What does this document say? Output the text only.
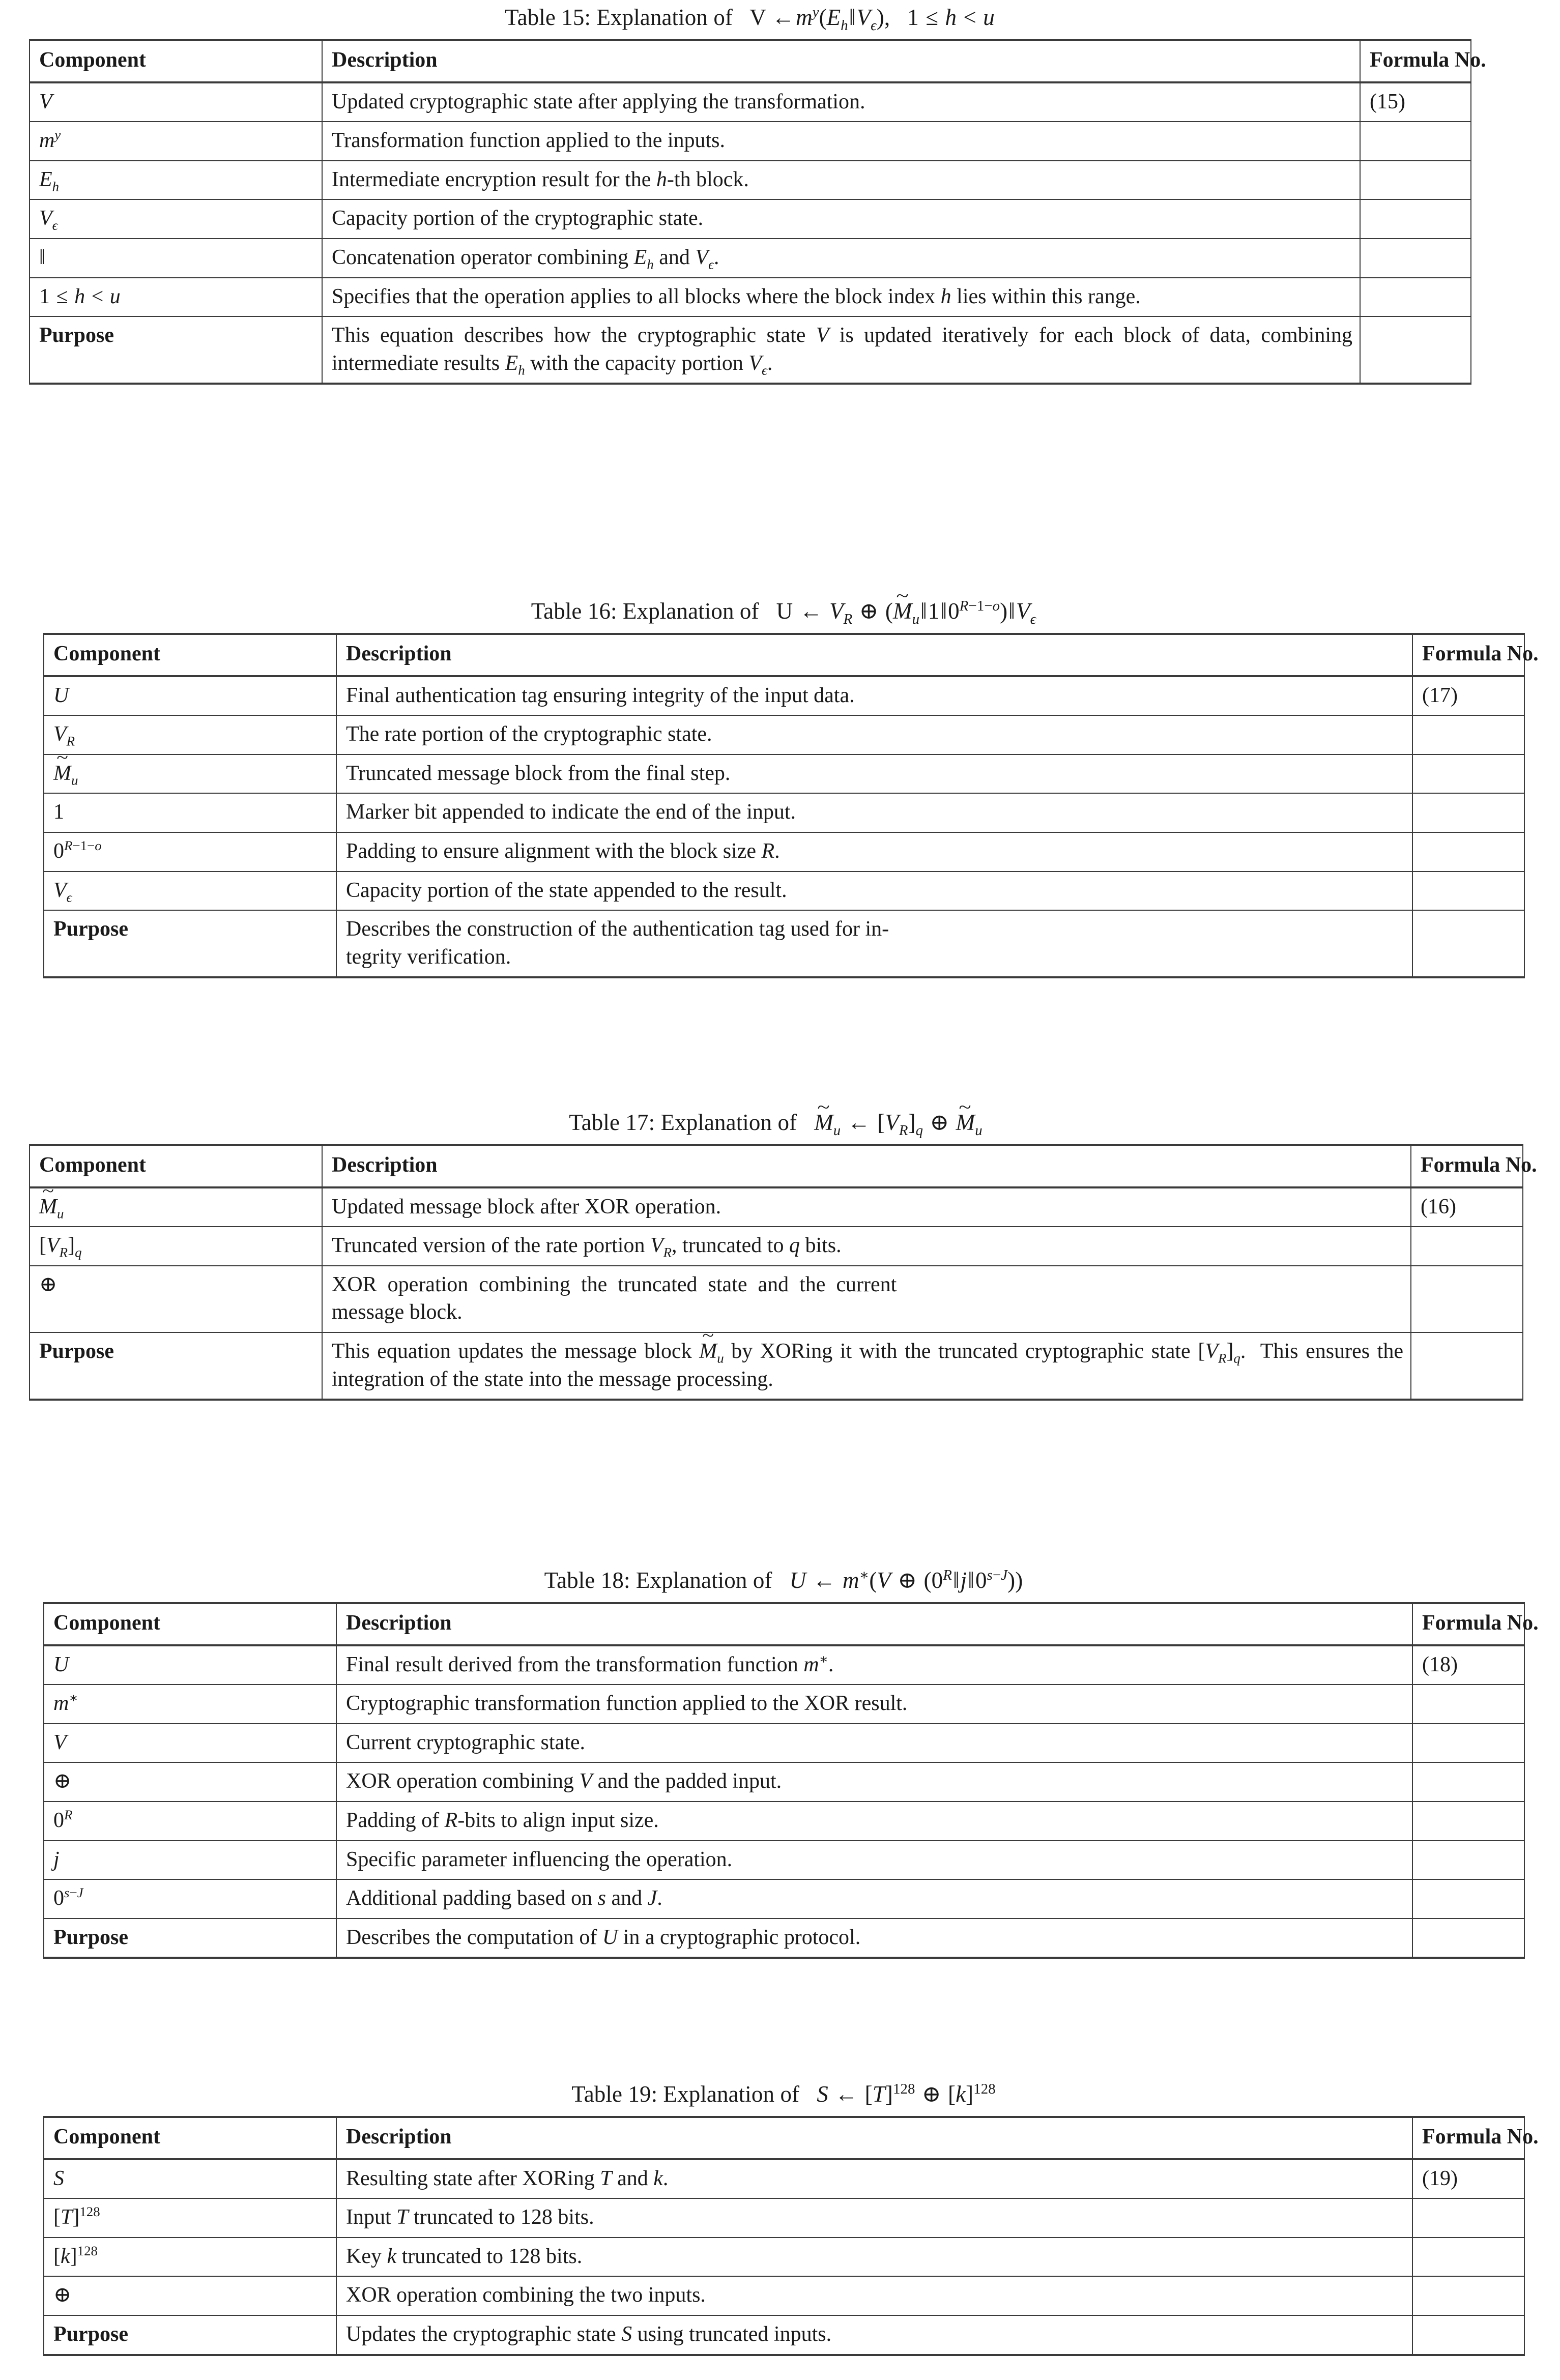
Table 15: Explanation of V  $\leftarrow m^y(E_h‖V_\epsilon)$, 1 ≤ h < u
Component	Description	Formula No.
V	Updated cryptographic state after applying the transformation.	(15)
$m^y$	Transformation function applied to the inputs.	
$E_h$	Intermediate encryption result for the h-th block.	
$V_\epsilon$	Capacity portion of the cryptographic state.	
‖	Concatenation operator combining $E_h$ and $V_\epsilon$.	
1 ≤ h < u	Specifies that the operation applies to all blocks where the block index h lies within this range.	
Purpose	This equation describes how the cryptographic state V is updated iteratively for each block of data, combining intermediate results $E_h$ with the capacity portion $V_\epsilon$.	
Table 16: Explanation of U ← $V_R$ ⊕ (~ $M_u‖1‖0^{R-1-o})‖V_\epsilon$
Component	Description	Formula No.
U	Final authentication tag ensuring integrity of the input data.	(17)
$V_R$	The rate portion of the cryptographic state.	
~ $M_u$	Truncated message block from the final step.	
1	Marker bit appended to indicate the end of the input.	
$0^{R-1-o}$	Padding to ensure alignment with the block size R.	
$V_\epsilon$	Capacity portion of the state appended to the result.	
Purpose	Describes the construction of the authentication tag used for in-
tegrity verification.	
Table 17: Explanation of ~ $M_u$ ← $[V_R]_q$ ⊕ ~ $M_u$
Component	Description	Formula No.
~ $M_u$	Updated message block after XOR operation.	(16)
$[V_R]_q$	Truncated version of the rate portion $V_R$, truncated to q bits.	
⊕	XOR  operation  combining  the  truncated  state  and  the  current
message block.	
Purpose	This equation updates the message block ~ $M_u$ by XORing it with the truncated cryptographic state $[V_R]_q$.  This ensures the integration of the state into the message processing.	
Table 18: Explanation of U ← m∗(V ⊕ $(0^R‖j‖0^{s-J})$)
Component	Description	Formula No.
U	Final result derived from the transformation function m∗.	(18)
m∗	Cryptographic transformation function applied to the XOR result.	
V	Current cryptographic state.	
⊕	XOR operation combining V and the padded input.	
$0^R$	Padding of R-bits to align input size.	
j	Specific parameter influencing the operation.	
$0^{s-J}$	Additional padding based on s and J.	
Purpose	Describes the computation of U in a cryptographic protocol.	
Table 19: Explanation of S ← $[T]^{128}$ ⊕ $[k]^{128}$
Component	Description	Formula No.
S	Resulting state after XORing T and k.	(19)
$[T]^{128}$	Input T truncated to 128 bits.	
$[k]^{128}$	Key k truncated to 128 bits.	
⊕	XOR operation combining the two inputs.	
Purpose	Updates the cryptographic state S using truncated inputs.	
